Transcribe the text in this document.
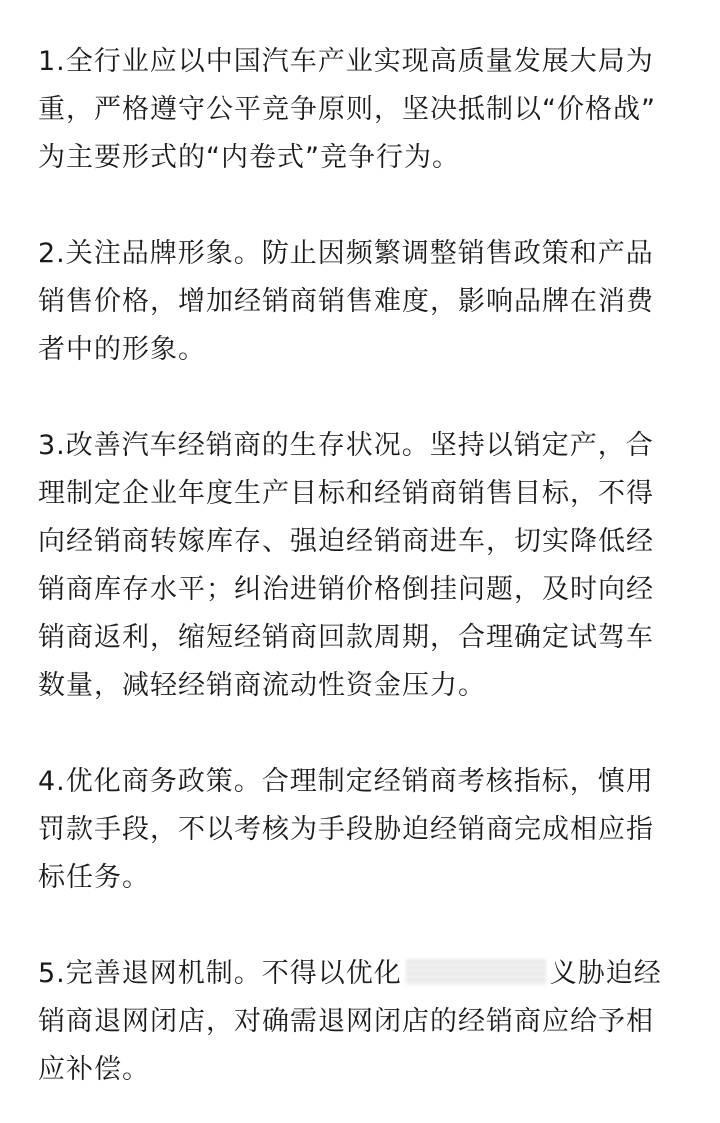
1.全行业应以中国汽车产业实现高质量发展大局为
重，严格遵守公平竞争原则，坚决抵制以“价格战”
为主要形式的“内卷式”竞争行为。

2.关注品牌形象。防止因频繁调整销售政策和产品
销售价格，增加经销商销售难度，影响品牌在消费
者中的形象。

3.改善汽车经销商的生存状况。坚持以销定产，合
理制定企业年度生产目标和经销商销售目标，不得
向经销商转嫁库存、强迫经销商进车，切实降低经
销商库存水平；纠治进销价格倒挂问题，及时向经
销商返利，缩短经销商回款周期，合理确定试驾车
数量，减轻经销商流动性资金压力。

4.优化商务政策。合理制定经销商考核指标，慎用
罚款手段，不以考核为手段胁迫经销商完成相应指
标任务。

5.完善退网机制。不得以优化	义胁迫经
销商退网闭店，对确需退网闭店的经销商应给予相
应补偿。
